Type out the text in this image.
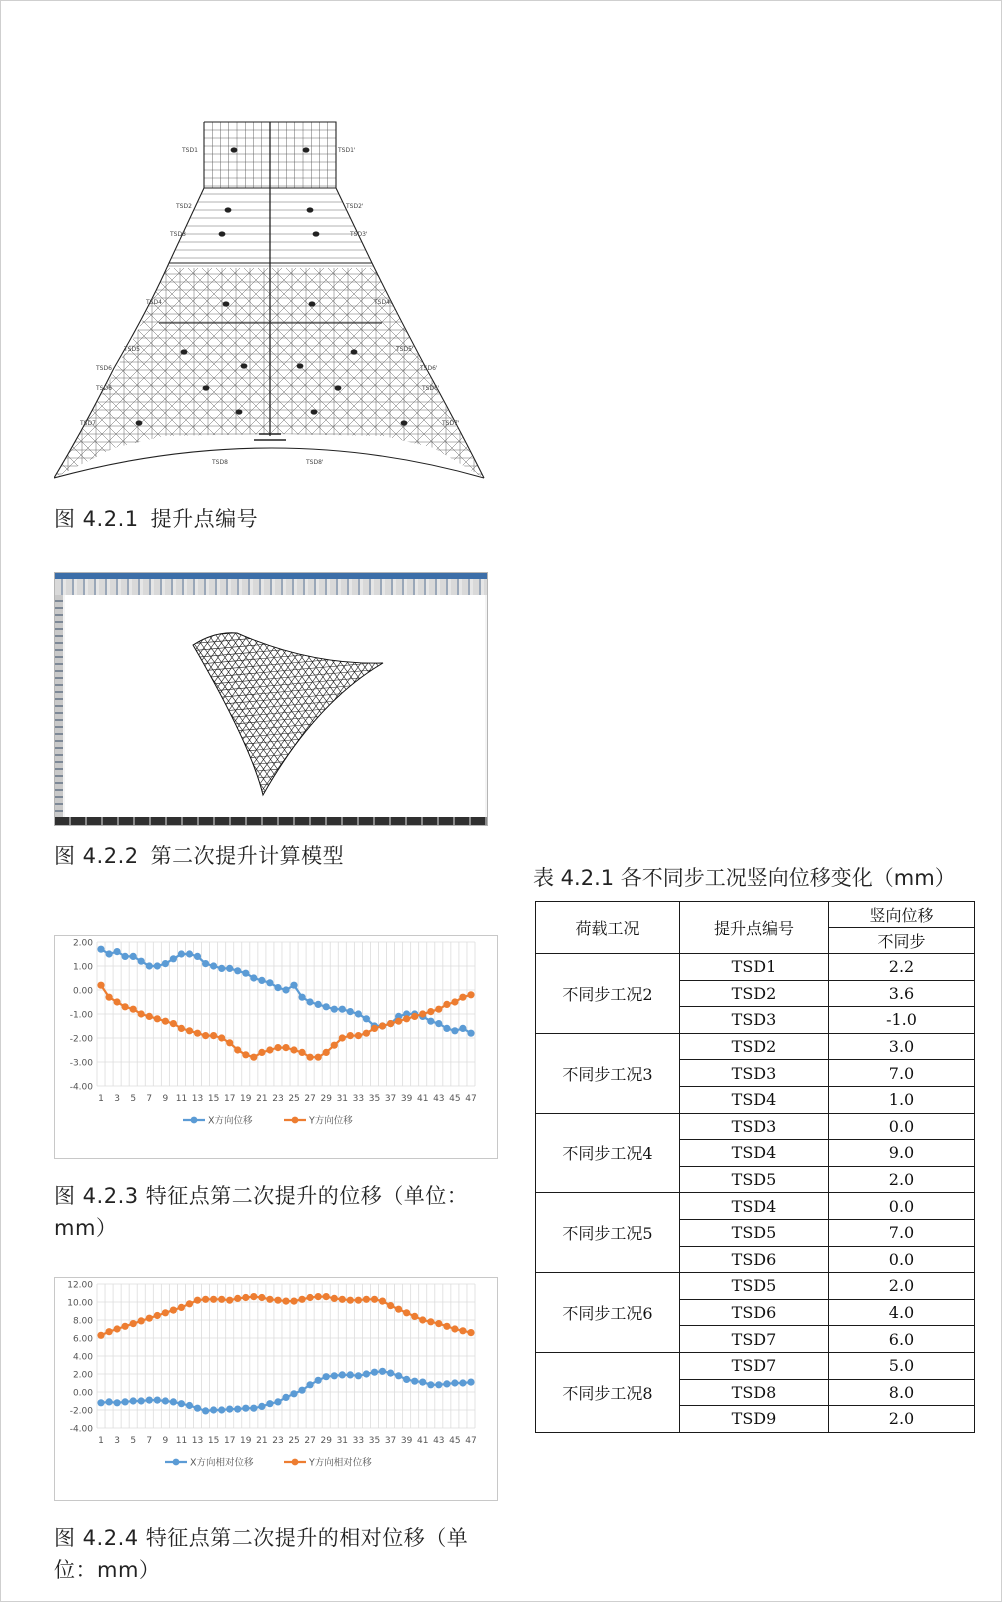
TSD1
TSD2
TSD3
TSD4
TSD5
TSD6
TSD6
TSD7
TSD1'
TSD2'
TSD3'
TSD4'
TSD5'
TSD6'
TSD6'
TSD7'
TSD8	TSD8'
图 4.2.1 提升点编号
图 4.2.2 第二次提升计算模型
2.00
1.00
0.00
-1.00
-2.00
-3.00
-4.00
1 3 5 7 9 11 13 15 17 19 21 23 25 27 29 31 33 35 37 39 41 43 45 47
X方向位移	Y方向位移
图 4.2.3 特征点第二次提升的位移（单位：
mm）
12.00
10.00
8.00
6.00
4.00
2.00
0.00
-2.00
-4.00
1 3 5 7 9 11 13 15 17 19 21 23 25 27 29 31 33 35 37 39 41 43 45 47
X方向相对位移	Y方向相对位移
图 4.2.4 特征点第二次提升的相对位移（单
位：mm）
表 4.2.1 各不同步工况竖向位移变化（mm）
荷载工况	提升点编号	竖向位移
		不同步
不同步工况2	TSD1	2.2
	TSD2	3.6
	TSD3	-1.0
不同步工况3	TSD2	3.0
	TSD3	7.0
	TSD4	1.0
不同步工况4	TSD3	0.0
	TSD4	9.0
	TSD5	2.0
不同步工况5	TSD4	0.0
	TSD5	7.0
	TSD6	0.0
不同步工况6	TSD5	2.0
	TSD6	4.0
	TSD7	6.0
不同步工况8	TSD7	5.0
	TSD8	8.0
	TSD9	2.0
